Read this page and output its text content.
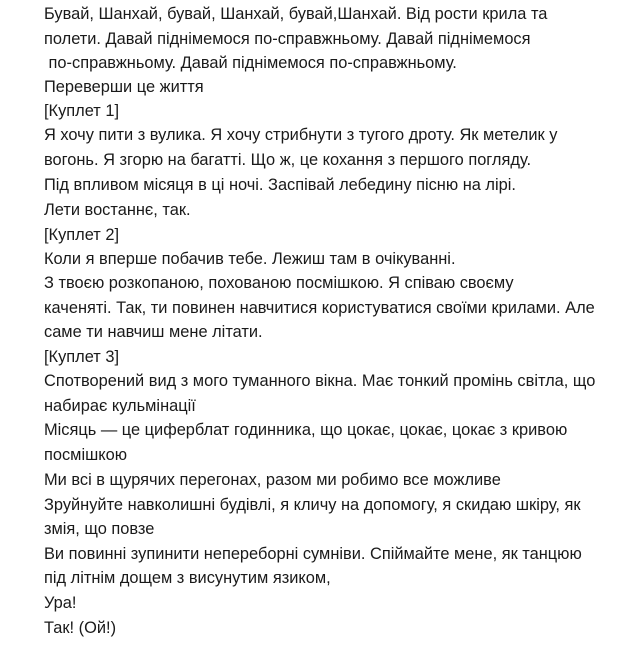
Бувай, Шанхай, бувай, Шанхай, бувай,Шанхай. Від рости крила та

полети. Давай піднімемося по-справжньому. Давай піднімемося

по-справжньому. Давай піднімемося по-справжньому.

Переверши це життя

[Куплет 1]

Я хочу пити з вулика. Я хочу стрибнути з тугого дроту. Як метелик у

вогонь. Я згорю на багатті. Що ж, це кохання з першого погляду.

Під впливом місяця в ці ночі. Заспівай лебедину пісню на лірі.

Лети востаннє, так.

[Куплет 2]

Коли я вперше побачив тебе. Лежиш там в очікуванні.

З твоєю розкопаною, похованою посмішкою. Я співаю своєму

каченяті. Так, ти повинен навчитися користуватися своїми крилами. Але

саме ти навчиш мене літати.

[Куплет 3]

Спотворений вид з мого туманного вікна. Має тонкий промінь світла, що

набирає кульмінації

Місяць — це циферблат годинника, що цокає, цокає, цокає з кривою

посмішкою

Ми всі в щурячих перегонах, разом ми робимо все можливе

Зруйнуйте навколишні будівлі, я кличу на допомогу, я скидаю шкіру, як

змія, що повзе

Ви повинні зупинити непереборні сумніви. Спіймайте мене, як танцюю

під літнім дощем з висунутим язиком,

Ура!

Так! (Ой!)
